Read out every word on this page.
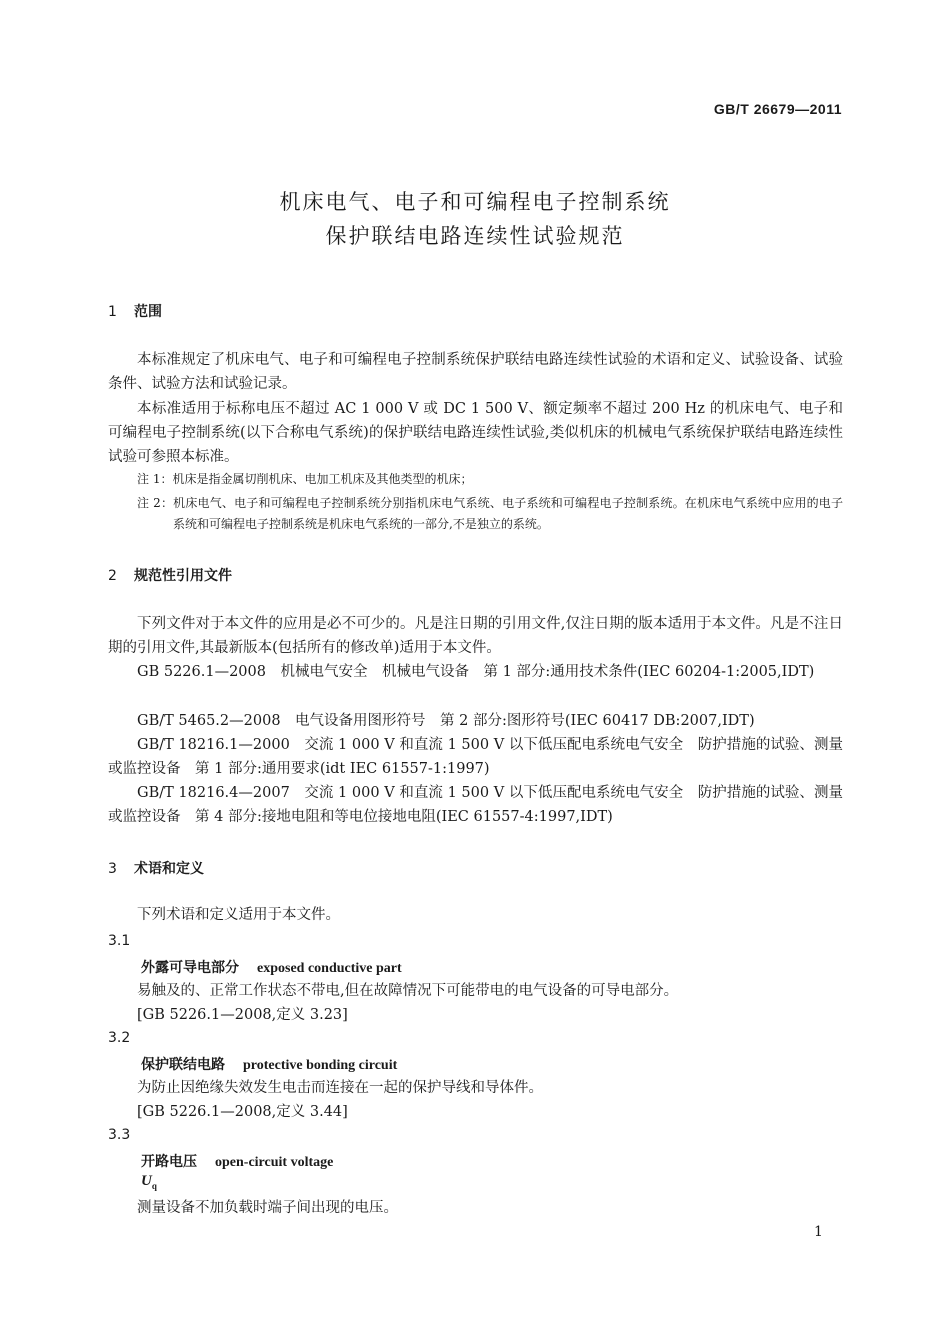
GB/T 26679—2011
机床电气、电子和可编程电子控制系统
保护联结电路连续性试验规范
1 范围
本标准规定了机床电气、电子和可编程电子控制系统保护联结电路连续性试验的术语和定义、试验设备、试验条件、试验方法和试验记录。
本标准适用于标称电压不超过 AC 1 000 V 或 DC 1 500 V、额定频率不超过 200 Hz 的机床电气、电子和可编程电子控制系统(以下合称电气系统)的保护联结电路连续性试验,类似机床的机械电气系统保护联结电路连续性试验可参照本标准。
注 1：机床是指金属切削机床、电加工机床及其他类型的机床；
注 2：机床电气、电子和可编程电子控制系统分别指机床电气系统、电子系统和可编程电子控制系统。在机床电气系统中应用的电子系统和可编程电子控制系统是机床电气系统的一部分,不是独立的系统。
2 规范性引用文件
下列文件对于本文件的应用是必不可少的。凡是注日期的引用文件,仅注日期的版本适用于本文件。凡是不注日期的引用文件,其最新版本(包括所有的修改单)适用于本文件。
GB 5226.1—2008　机械电气安全　机械电气设备　第 1 部分:通用技术条件(IEC 60204-1:2005,IDT)
GB/T 5465.2—2008　电气设备用图形符号　第 2 部分:图形符号(IEC 60417 DB:2007,IDT)
GB/T 18216.1—2000　交流 1 000 V 和直流 1 500 V 以下低压配电系统电气安全　防护措施的试验、测量或监控设备　第 1 部分:通用要求(idt IEC 61557-1:1997)
GB/T 18216.4—2007　交流 1 000 V 和直流 1 500 V 以下低压配电系统电气安全　防护措施的试验、测量或监控设备　第 4 部分:接地电阻和等电位接地电阻(IEC 61557-4:1997,IDT)
3 术语和定义
下列术语和定义适用于本文件。
3.1
外露可导电部分 exposed conductive part
易触及的、正常工作状态不带电,但在故障情况下可能带电的电气设备的可导电部分。
[GB 5226.1—2008,定义 3.23]
3.2
保护联结电路 protective bonding circuit
为防止因绝缘失效发生电击而连接在一起的保护导线和导体件。
[GB 5226.1—2008,定义 3.44]
3.3
开路电压 open-circuit voltage
$U_q$
测量设备不加负载时端子间出现的电压。
1
